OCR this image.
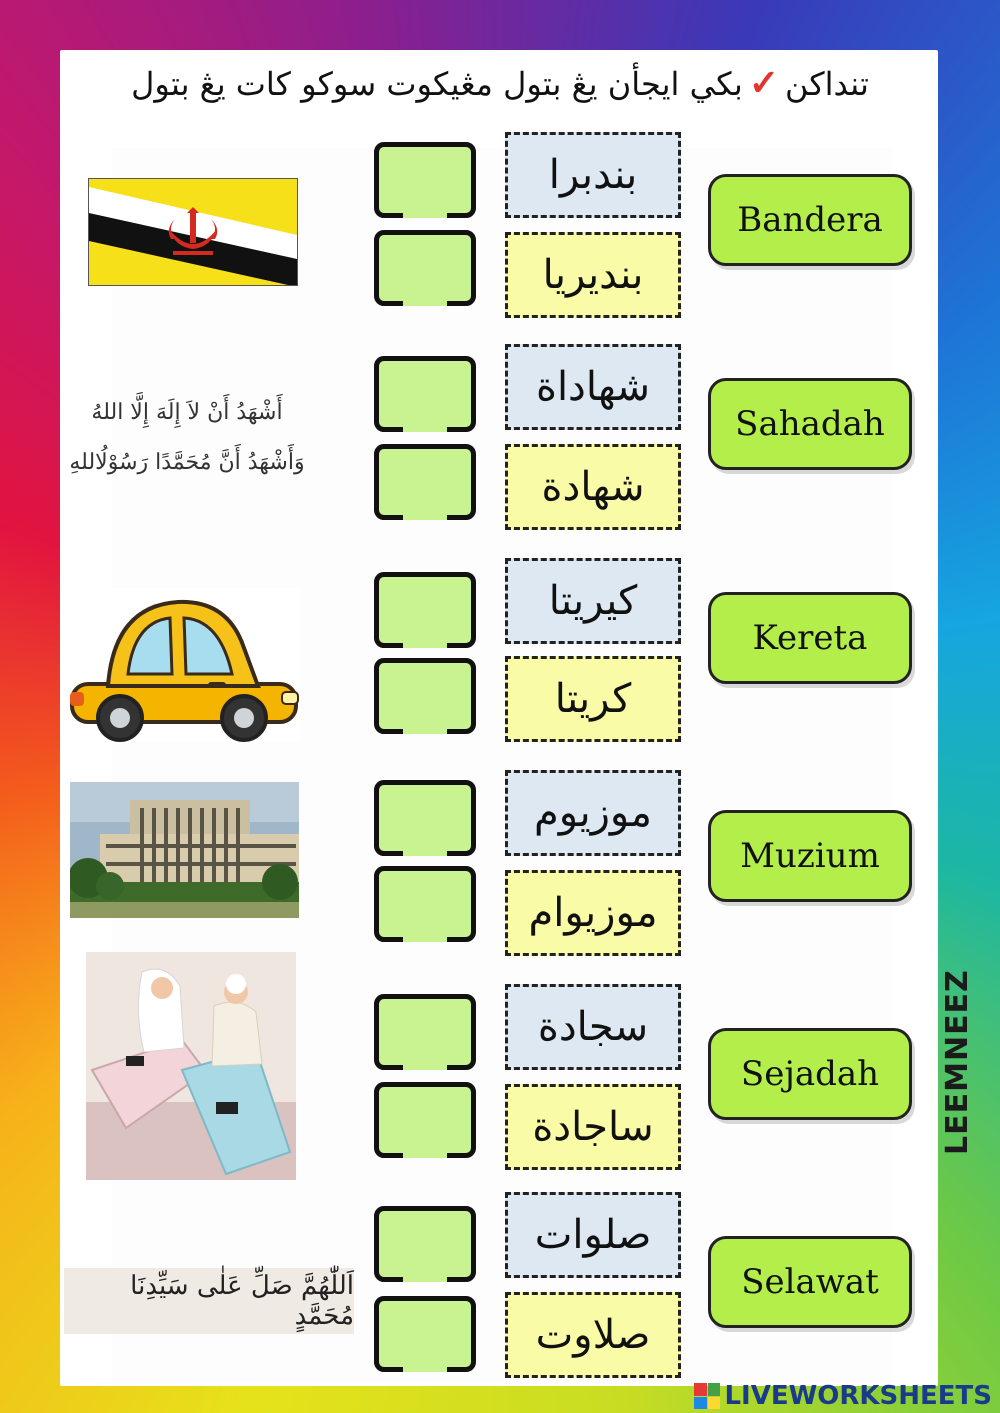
تنداكن✓بكي ايجأن يڠ بتول مڠيكوت سوكو كات يڠ بتول
أَشْهَدُ أَنْ لاَ إِلَهَ إِلَّا اللهُ
وَأَشْهَدُ أَنَّ مُحَمَّدًا رَسُوْلُاللهِ
اَللّٰهُمَّ صَلِّ عَلٰى سَيِّدِنَا مُحَمَّدٍ
بندبرا
بنديريا
Bandera
شهاداة
شهادة
Sahadah
كيريتا
كريتا
Kereta
موزيوم
موزيوام
Muzium
سجادة
ساجادة
Sejadah
صلوات
صلاوت
Selawat
LEEMNEEZ
LIVEWORKSHEETS
